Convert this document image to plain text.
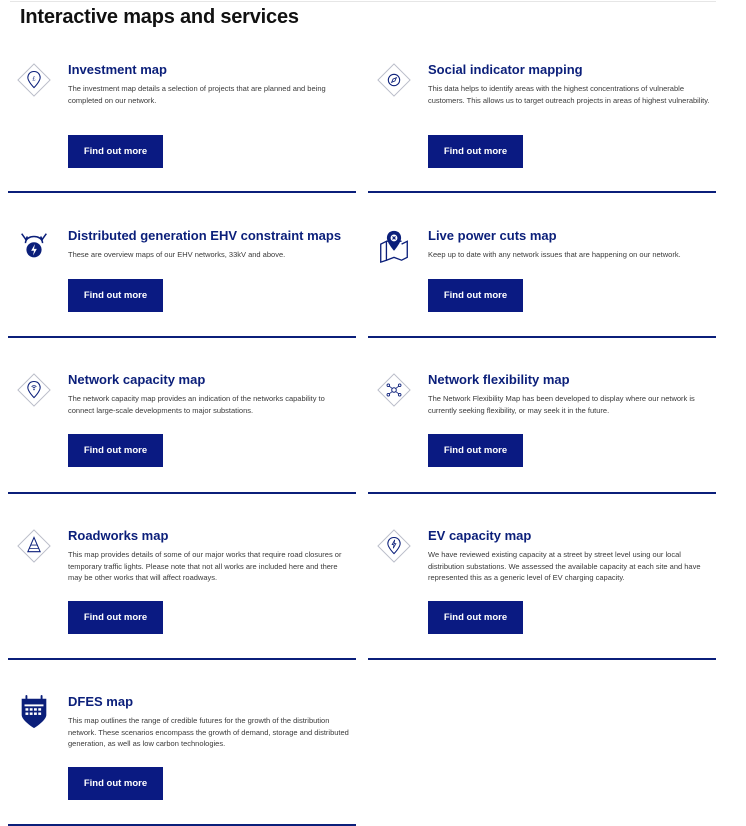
Interactive maps and services
£
Investment map
The investment map details a selection of projects that are planned and being completed on our network.
Find out more
Social indicator mapping
This data helps to identify areas with the highest concentrations of vulnerable customers. This allows us to target outreach projects in areas of highest vulnerability.
Find out more
Distributed generation EHV constraint maps
These are overview maps of our EHV networks, 33kV and above.
Find out more
Live power cuts map
Keep up to date with any network issues that are happening on our network.
Find out more
Network capacity map
The network capacity map provides an indication of the networks capability to connect large-scale developments to major substations.
Find out more
Network flexibility map
The Network Flexibility Map has been developed to display where our network is currently seeking flexibility, or may seek it in the future.
Find out more
Roadworks map
This map provides details of some of our major works that require road closures or temporary traffic lights. Please note that not all works are included here and there may be other works that will affect roadways.
Find out more
EV capacity map
We have reviewed existing capacity at a street by street level using our local distribution substations. We assessed the available capacity at each site and have represented this as a generic level of EV charging capacity.
Find out more
DFES map
This map outlines the range of credible futures for the growth of the distribution network. These scenarios encompass the growth of demand, storage and distributed generation, as well as low carbon technologies.
Find out more
